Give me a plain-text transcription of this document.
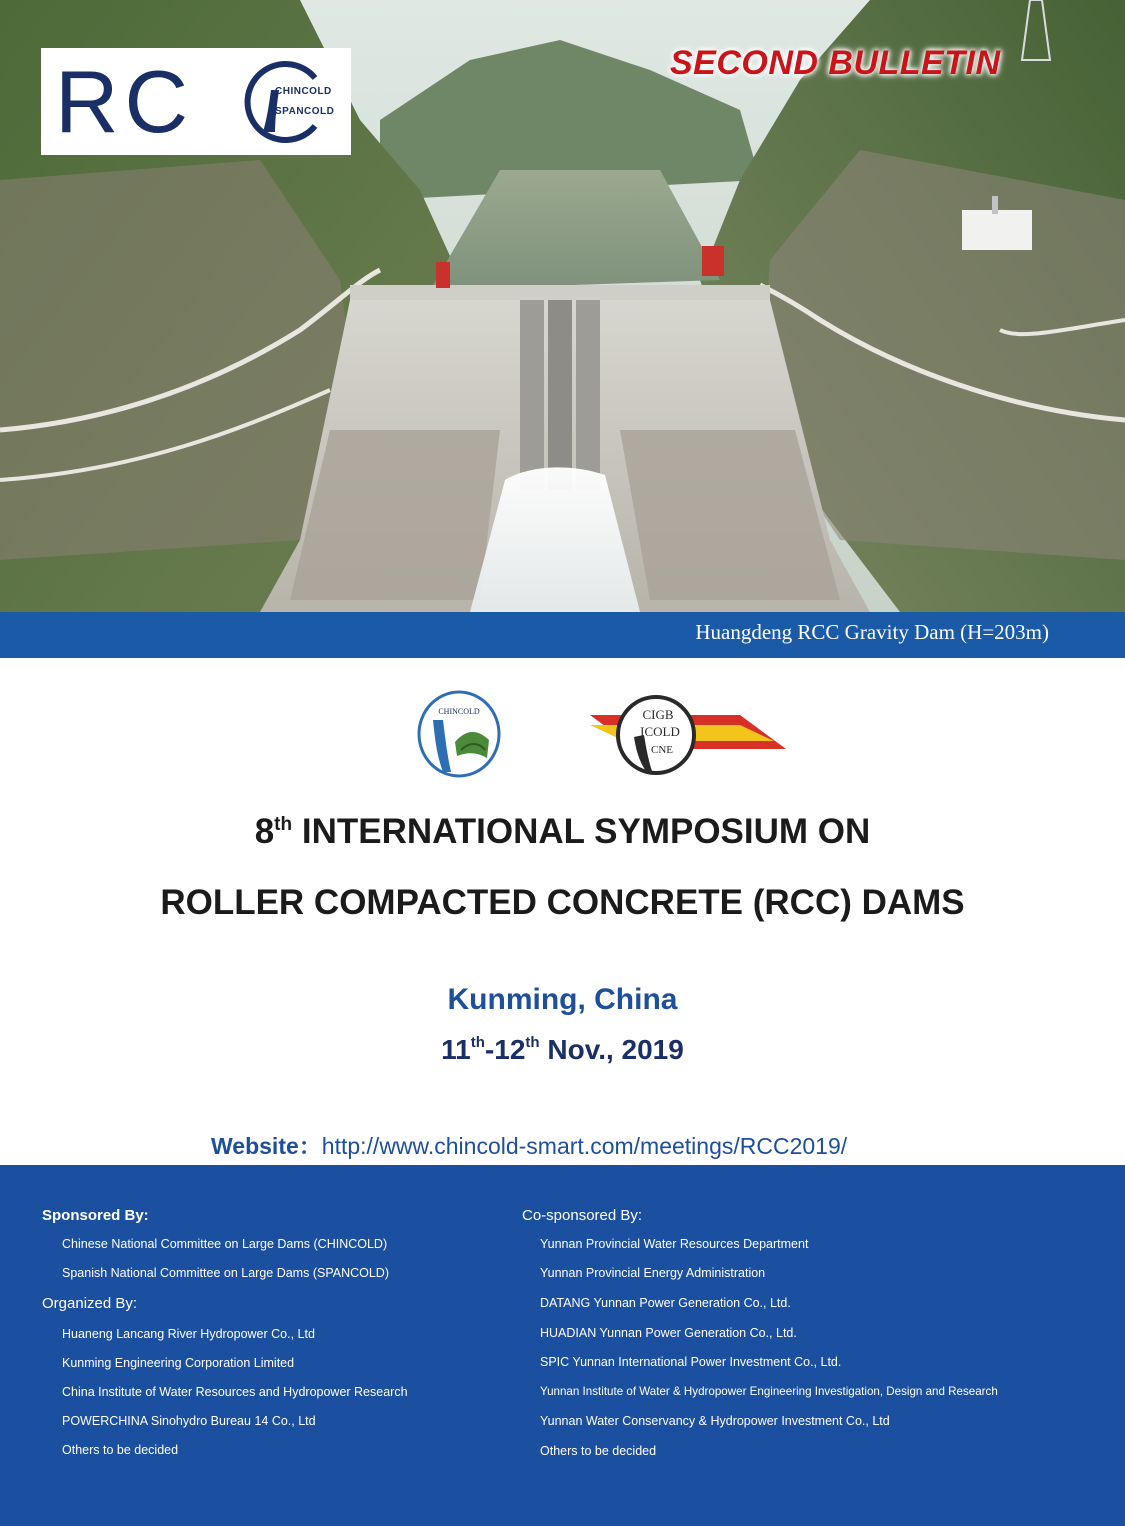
RC	CHINCOLD
SPANCOLD
SECOND BULLETIN
Huangdeng RCC Gravity Dam (H=203m)
CHINCOLD	CIGB
ICOLD
CNE
8th INTERNATIONAL SYMPOSIUM ON
ROLLER COMPACTED CONCRETE (RCC) DAMS
Kunming, China
11th-12th Nov., 2019
Website：http://www.chincold-smart.com/meetings/RCC2019/
Sponsored By:
Chinese National Committee on Large Dams (CHINCOLD)
Spanish National Committee on Large Dams (SPANCOLD)
Organized By:
Huaneng Lancang River Hydropower Co., Ltd
Kunming Engineering Corporation Limited
China Institute of Water Resources and Hydropower Research
POWERCHINA Sinohydro Bureau 14 Co., Ltd
Others to be decided
Co-sponsored By:
Yunnan Provincial Water Resources Department
Yunnan Provincial Energy Administration
DATANG Yunnan Power Generation Co., Ltd.
HUADIAN Yunnan Power Generation Co., Ltd.
SPIC Yunnan International Power Investment Co., Ltd.
Yunnan Institute of Water & Hydropower Engineering Investigation, Design and Research
Yunnan Water Conservancy & Hydropower Investment Co., Ltd
Others to be decided
